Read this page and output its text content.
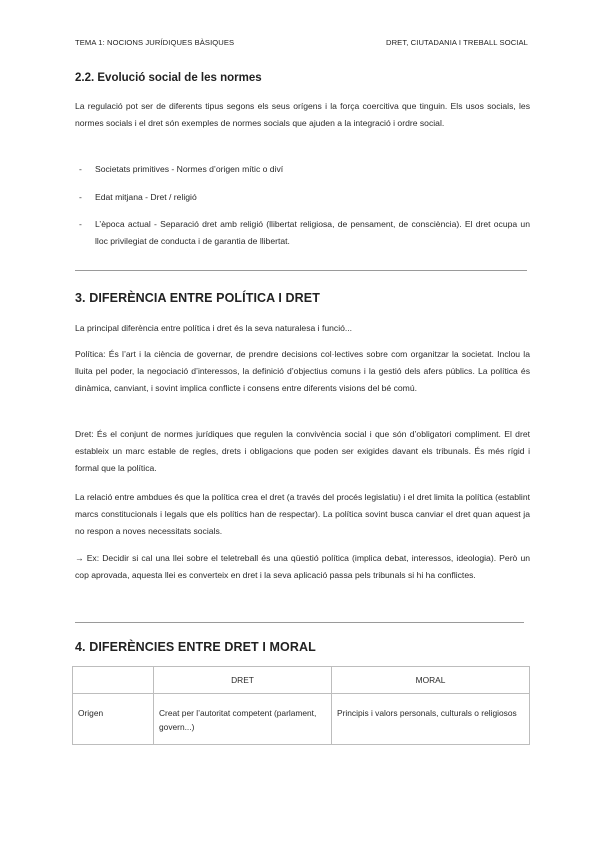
TEMA 1: NOCIONS JURÍDIQUES BÀSIQUES	DRET, CIUTADANIA I TREBALL SOCIAL
2.2. Evolució social de les normes
La regulació pot ser de diferents tipus segons els seus orígens i la força coercitiva que tinguin. Els usos socials, les normes socials i el dret són exemples de normes socials que ajuden a la integració i ordre social.
- Societats primitives - Normes d’origen mític o diví
- Edat mitjana - Dret / religió
- L’època actual - Separació dret amb religió (llibertat religiosa, de pensament, de consciència). El dret ocupa un lloc privilegiat de conducta i de garantia de llibertat.
3. DIFERÈNCIA ENTRE POLÍTICA I DRET
La principal diferència entre política i dret és la seva naturalesa i funció...
Política: És l’art i la ciència de governar, de prendre decisions col·lectives sobre com organitzar la societat. Inclou la lluita pel poder, la negociació d’interessos, la definició d’objectius comuns i la gestió dels afers públics. La política és dinàmica, canviant, i sovint implica conflicte i consens entre diferents visions del bé comú.
Dret: És el conjunt de normes jurídiques que regulen la convivència social i que són d’obligatori compliment. El dret estableix un marc estable de regles, drets i obligacions que poden ser exigides davant els tribunals. És més rígid i formal que la política.
La relació entre ambdues és que la política crea el dret (a través del procés legislatiu) i el dret limita la política (establint marcs constitucionals i legals que els polítics han de respectar). La política sovint busca canviar el dret quan aquest ja no respon a noves necessitats socials.
→ Ex: Decidir si cal una llei sobre el teletreball és una qüestió política (implica debat, interessos, ideologia). Però un cop aprovada, aquesta llei es converteix en dret i la seva aplicació passa pels tribunals si hi ha conflictes.
4. DIFERÈNCIES ENTRE DRET I MORAL
	DRET	MORAL
Origen	Creat per l’autoritat competent (parlament, govern...)	Principis i valors personals, culturals o religiosos
